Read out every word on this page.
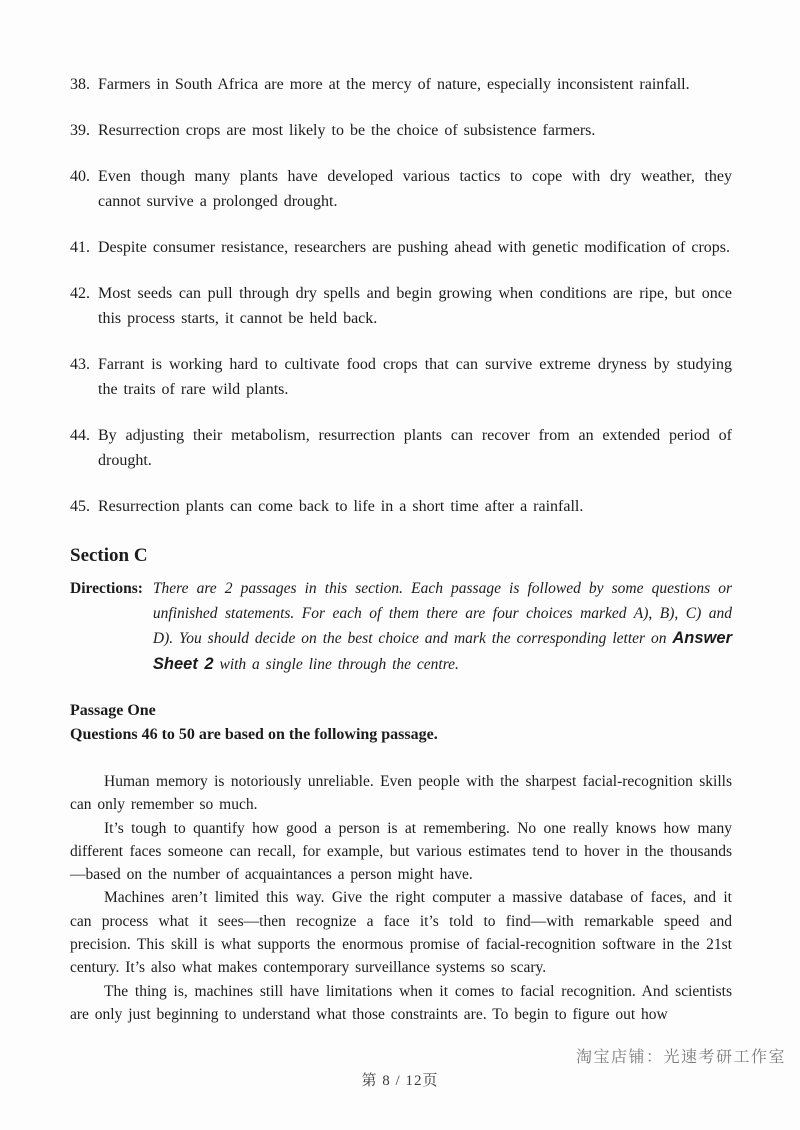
38. Farmers in South Africa are more at the mercy of nature, especially inconsistent rainfall.
39. Resurrection crops are most likely to be the choice of subsistence farmers.
40. Even though many plants have developed various tactics to cope with dry weather, they cannot survive a prolonged drought.
41. Despite consumer resistance, researchers are pushing ahead with genetic modification of crops.
42. Most seeds can pull through dry spells and begin growing when conditions are ripe, but once this process starts, it cannot be held back.
43. Farrant is working hard to cultivate food crops that can survive extreme dryness by studying the traits of rare wild plants.
44. By adjusting their metabolism, resurrection plants can recover from an extended period of drought.
45. Resurrection plants can come back to life in a short time after a rainfall.
Section C
Directions: There are 2 passages in this section. Each passage is followed by some questions or unfinished statements. For each of them there are four choices marked A), B), C) and D). You should decide on the best choice and mark the corresponding letter on Answer Sheet 2 with a single line through the centre.

Passage One

Questions 46 to 50 are based on the following passage.

Human memory is notoriously unreliable. Even people with the sharpest facial-recognition skills can only remember so much.

It’s tough to quantify how good a person is at remembering. No one really knows how many different faces someone can recall, for example, but various estimates tend to hover in the thousands—based on the number of acquaintances a person might have.

Machines aren’t limited this way. Give the right computer a massive database of faces, and it can process what it sees—then recognize a face it’s told to find—with remarkable speed and precision. This skill is what supports the enormous promise of facial-recognition software in the 21st century. It’s also what makes contemporary surveillance systems so scary.

The thing is, machines still have limitations when it comes to facial recognition. And scientists are only just beginning to understand what those constraints are. To begin to figure out how

淘宝店铺：光速考研工作室
第 8 / 12页
